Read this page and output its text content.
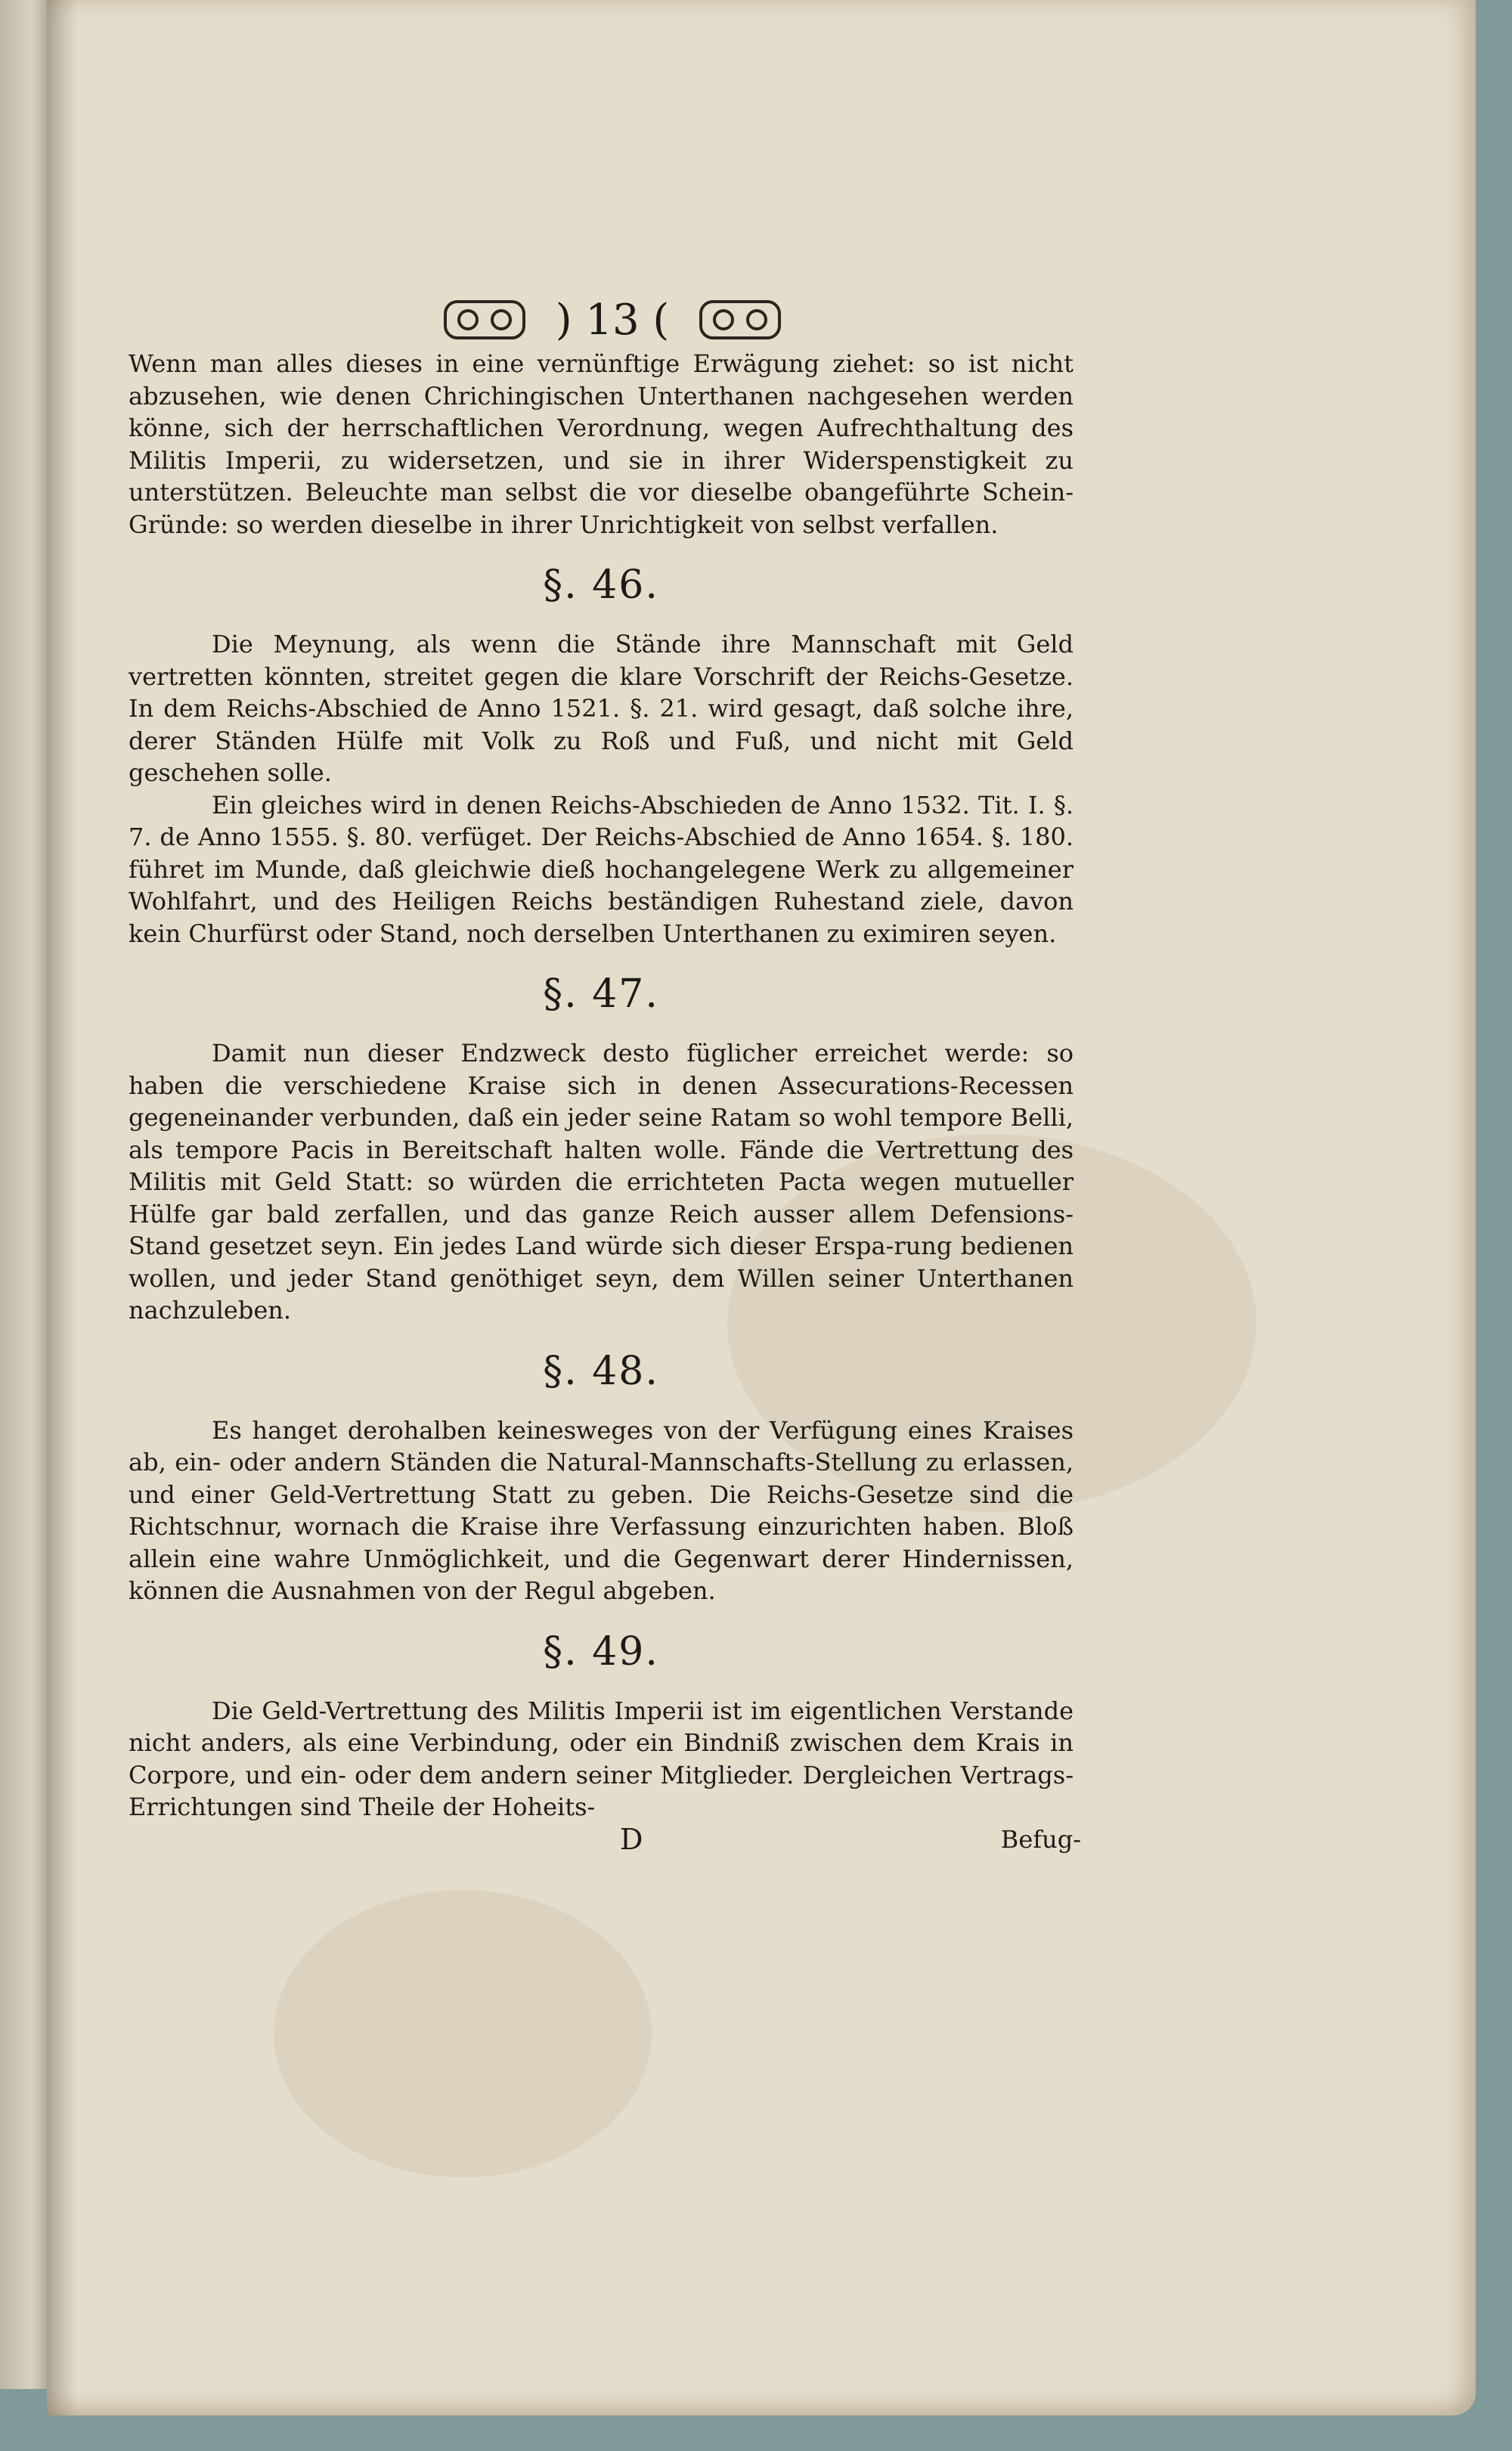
) 13 (

Wenn man alles dieses in eine vernünftige Erwägung ziehet: so ist nicht abzusehen, wie denen Chrichingischen Unterthanen nachgesehen werden könne, sich der herrschaftlichen Verordnung, wegen Aufrechthaltung des Militis Imperii, zu widersetzen, und sie in ihrer Widerspenstigkeit zu unterstützen. Beleuchte man selbst die vor dieselbe obangeführte Schein-Gründe: so werden dieselbe in ihrer Unrichtigkeit von selbst verfallen.

§. 46.

Die Meynung, als wenn die Stände ihre Mannschaft mit Geld vertretten könnten, streitet gegen die klare Vorschrift der Reichs-Gesetze. In dem Reichs-Abschied de Anno 1521. §. 21. wird gesagt, daß solche ihre, derer Ständen Hülfe mit Volk zu Roß und Fuß, und nicht mit Geld geschehen solle.

Ein gleiches wird in denen Reichs-Abschieden de Anno 1532. Tit. I. §. 7. de Anno 1555. §. 80. verfüget. Der Reichs-Abschied de Anno 1654. §. 180. führet im Munde, daß gleichwie dieß hochangelegene Werk zu allgemeiner Wohlfahrt, und des Heiligen Reichs beständigen Ruhestand ziele, davon kein Churfürst oder Stand, noch derselben Unterthanen zu eximiren seyen.

§. 47.

Damit nun dieser Endzweck desto füglicher erreichet werde: so haben die verschiedene Kraise sich in denen Assecurations-Recessen gegeneinander verbunden, daß ein jeder seine Ratam so wohl tempore Belli, als tempore Pacis in Bereitschaft halten wolle. Fände die Vertrettung des Militis mit Geld Statt: so würden die errichteten Pacta wegen mutueller Hülfe gar bald zerfallen, und das ganze Reich ausser allem Defensions-Stand gesetzet seyn. Ein jedes Land würde sich dieser Erspa-rung bedienen wollen, und jeder Stand genöthiget seyn, dem Willen seiner Unterthanen nachzuleben.

§. 48.

Es hanget derohalben keinesweges von der Verfügung eines Kraises ab, ein- oder andern Ständen die Natural-Mannschafts-Stellung zu erlassen, und einer Geld-Vertrettung Statt zu geben. Die Reichs-Gesetze sind die Richtschnur, wornach die Kraise ihre Verfassung einzurichten haben. Bloß allein eine wahre Unmöglichkeit, und die Gegenwart derer Hindernissen, können die Ausnahmen von der Regul abgeben.

§. 49.

Die Geld-Vertrettung des Militis Imperii ist im eigentlichen Verstande nicht anders, als eine Verbindung, oder ein Bindniß zwischen dem Krais in Corpore, und ein- oder dem andern seiner Mitglieder. Dergleichen Vertrags-Errichtungen sind Theile der Hoheits-

D	Befug-
